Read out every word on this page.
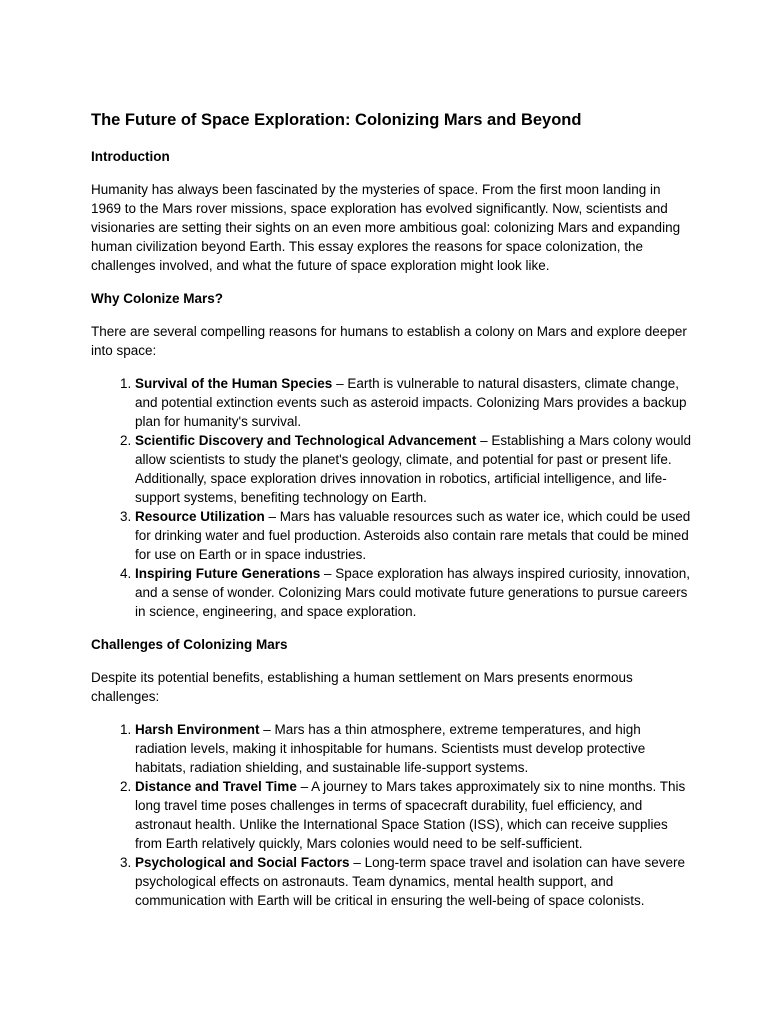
The Future of Space Exploration: Colonizing Mars and Beyond
Introduction

Humanity has always been fascinated by the mysteries of space. From the first moon landing in 1969 to the Mars rover missions, space exploration has evolved significantly. Now, scientists and visionaries are setting their sights on an even more ambitious goal: colonizing Mars and expanding human civilization beyond Earth. This essay explores the reasons for space colonization, the challenges involved, and what the future of space exploration might look like.

Why Colonize Mars?

There are several compelling reasons for humans to establish a colony on Mars and explore deeper into space:

1. Survival of the Human Species – Earth is vulnerable to natural disasters, climate change, and potential extinction events such as asteroid impacts. Colonizing Mars provides a backup plan for humanity's survival.
2. Scientific Discovery and Technological Advancement – Establishing a Mars colony would allow scientists to study the planet's geology, climate, and potential for past or present life. Additionally, space exploration drives innovation in robotics, artificial intelligence, and life-support systems, benefiting technology on Earth.
3. Resource Utilization – Mars has valuable resources such as water ice, which could be used for drinking water and fuel production. Asteroids also contain rare metals that could be mined for use on Earth or in space industries.
4. Inspiring Future Generations – Space exploration has always inspired curiosity, innovation, and a sense of wonder. Colonizing Mars could motivate future generations to pursue careers in science, engineering, and space exploration.
Challenges of Colonizing Mars

Despite its potential benefits, establishing a human settlement on Mars presents enormous challenges:

1. Harsh Environment – Mars has a thin atmosphere, extreme temperatures, and high radiation levels, making it inhospitable for humans. Scientists must develop protective habitats, radiation shielding, and sustainable life-support systems.
2. Distance and Travel Time – A journey to Mars takes approximately six to nine months. This long travel time poses challenges in terms of spacecraft durability, fuel efficiency, and astronaut health. Unlike the International Space Station (ISS), which can receive supplies from Earth relatively quickly, Mars colonies would need to be self-sufficient.
3. Psychological and Social Factors – Long-term space travel and isolation can have severe psychological effects on astronauts. Team dynamics, mental health support, and communication with Earth will be critical in ensuring the well-being of space colonists.
